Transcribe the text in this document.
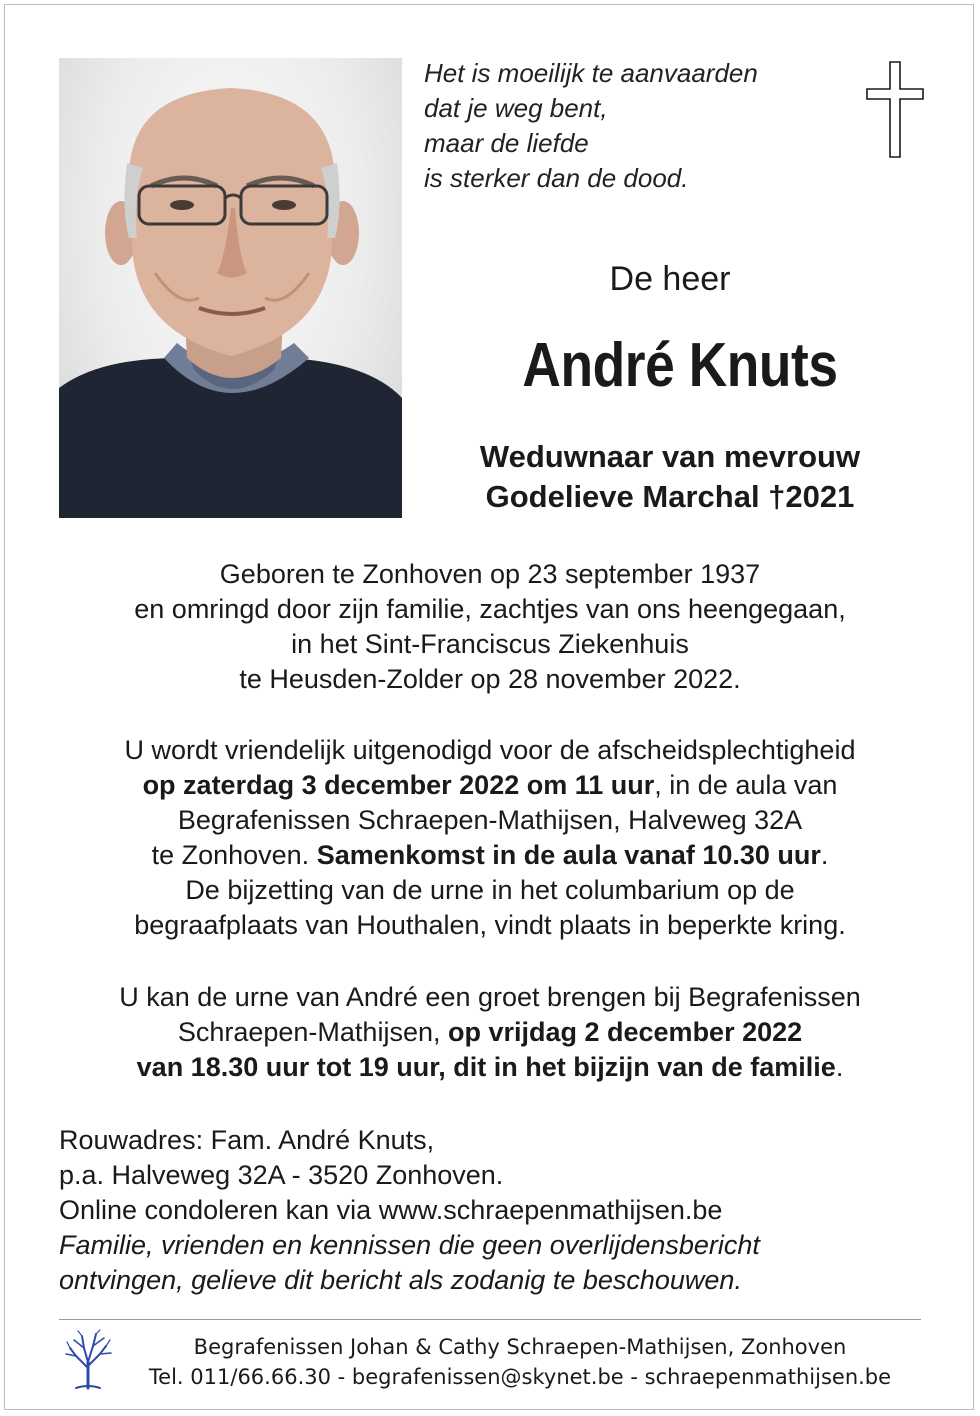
Het is moeilijk te aanvaarden
dat je weg bent,
maar de liefde
is sterker dan de dood.
De heer
André Knuts
Weduwnaar van mevrouw
Godelieve Marchal †2021
Geboren te Zonhoven op 23 september 1937
en omringd door zijn familie, zachtjes van ons heengegaan,
in het Sint-Franciscus Ziekenhuis
te Heusden-Zolder op 28 november 2022.
U wordt vriendelijk uitgenodigd voor de afscheidsplechtigheid
op zaterdag 3 december 2022 om 11 uur, in de aula van
Begrafenissen Schraepen-Mathijsen, Halveweg 32A
te Zonhoven. Samenkomst in de aula vanaf 10.30 uur.
De bijzetting van de urne in het columbarium op de
begraafplaats van Houthalen, vindt plaats in beperkte kring.
U kan de urne van André een groet brengen bij Begrafenissen
Schraepen-Mathijsen, op vrijdag 2 december 2022
van 18.30 uur tot 19 uur, dit in het bijzijn van de familie.
Rouwadres: Fam. André Knuts,
p.a. Halveweg 32A - 3520 Zonhoven.
Online condoleren kan via www.schraepenmathijsen.be
Familie, vrienden en kennissen die geen overlijdensbericht
ontvingen, gelieve dit bericht als zodanig te beschouwen.
Begrafenissen Johan & Cathy Schraepen-Mathijsen, Zonhoven
Tel. 011/66.66.30 - begrafenissen@skynet.be - schraepenmathijsen.be
